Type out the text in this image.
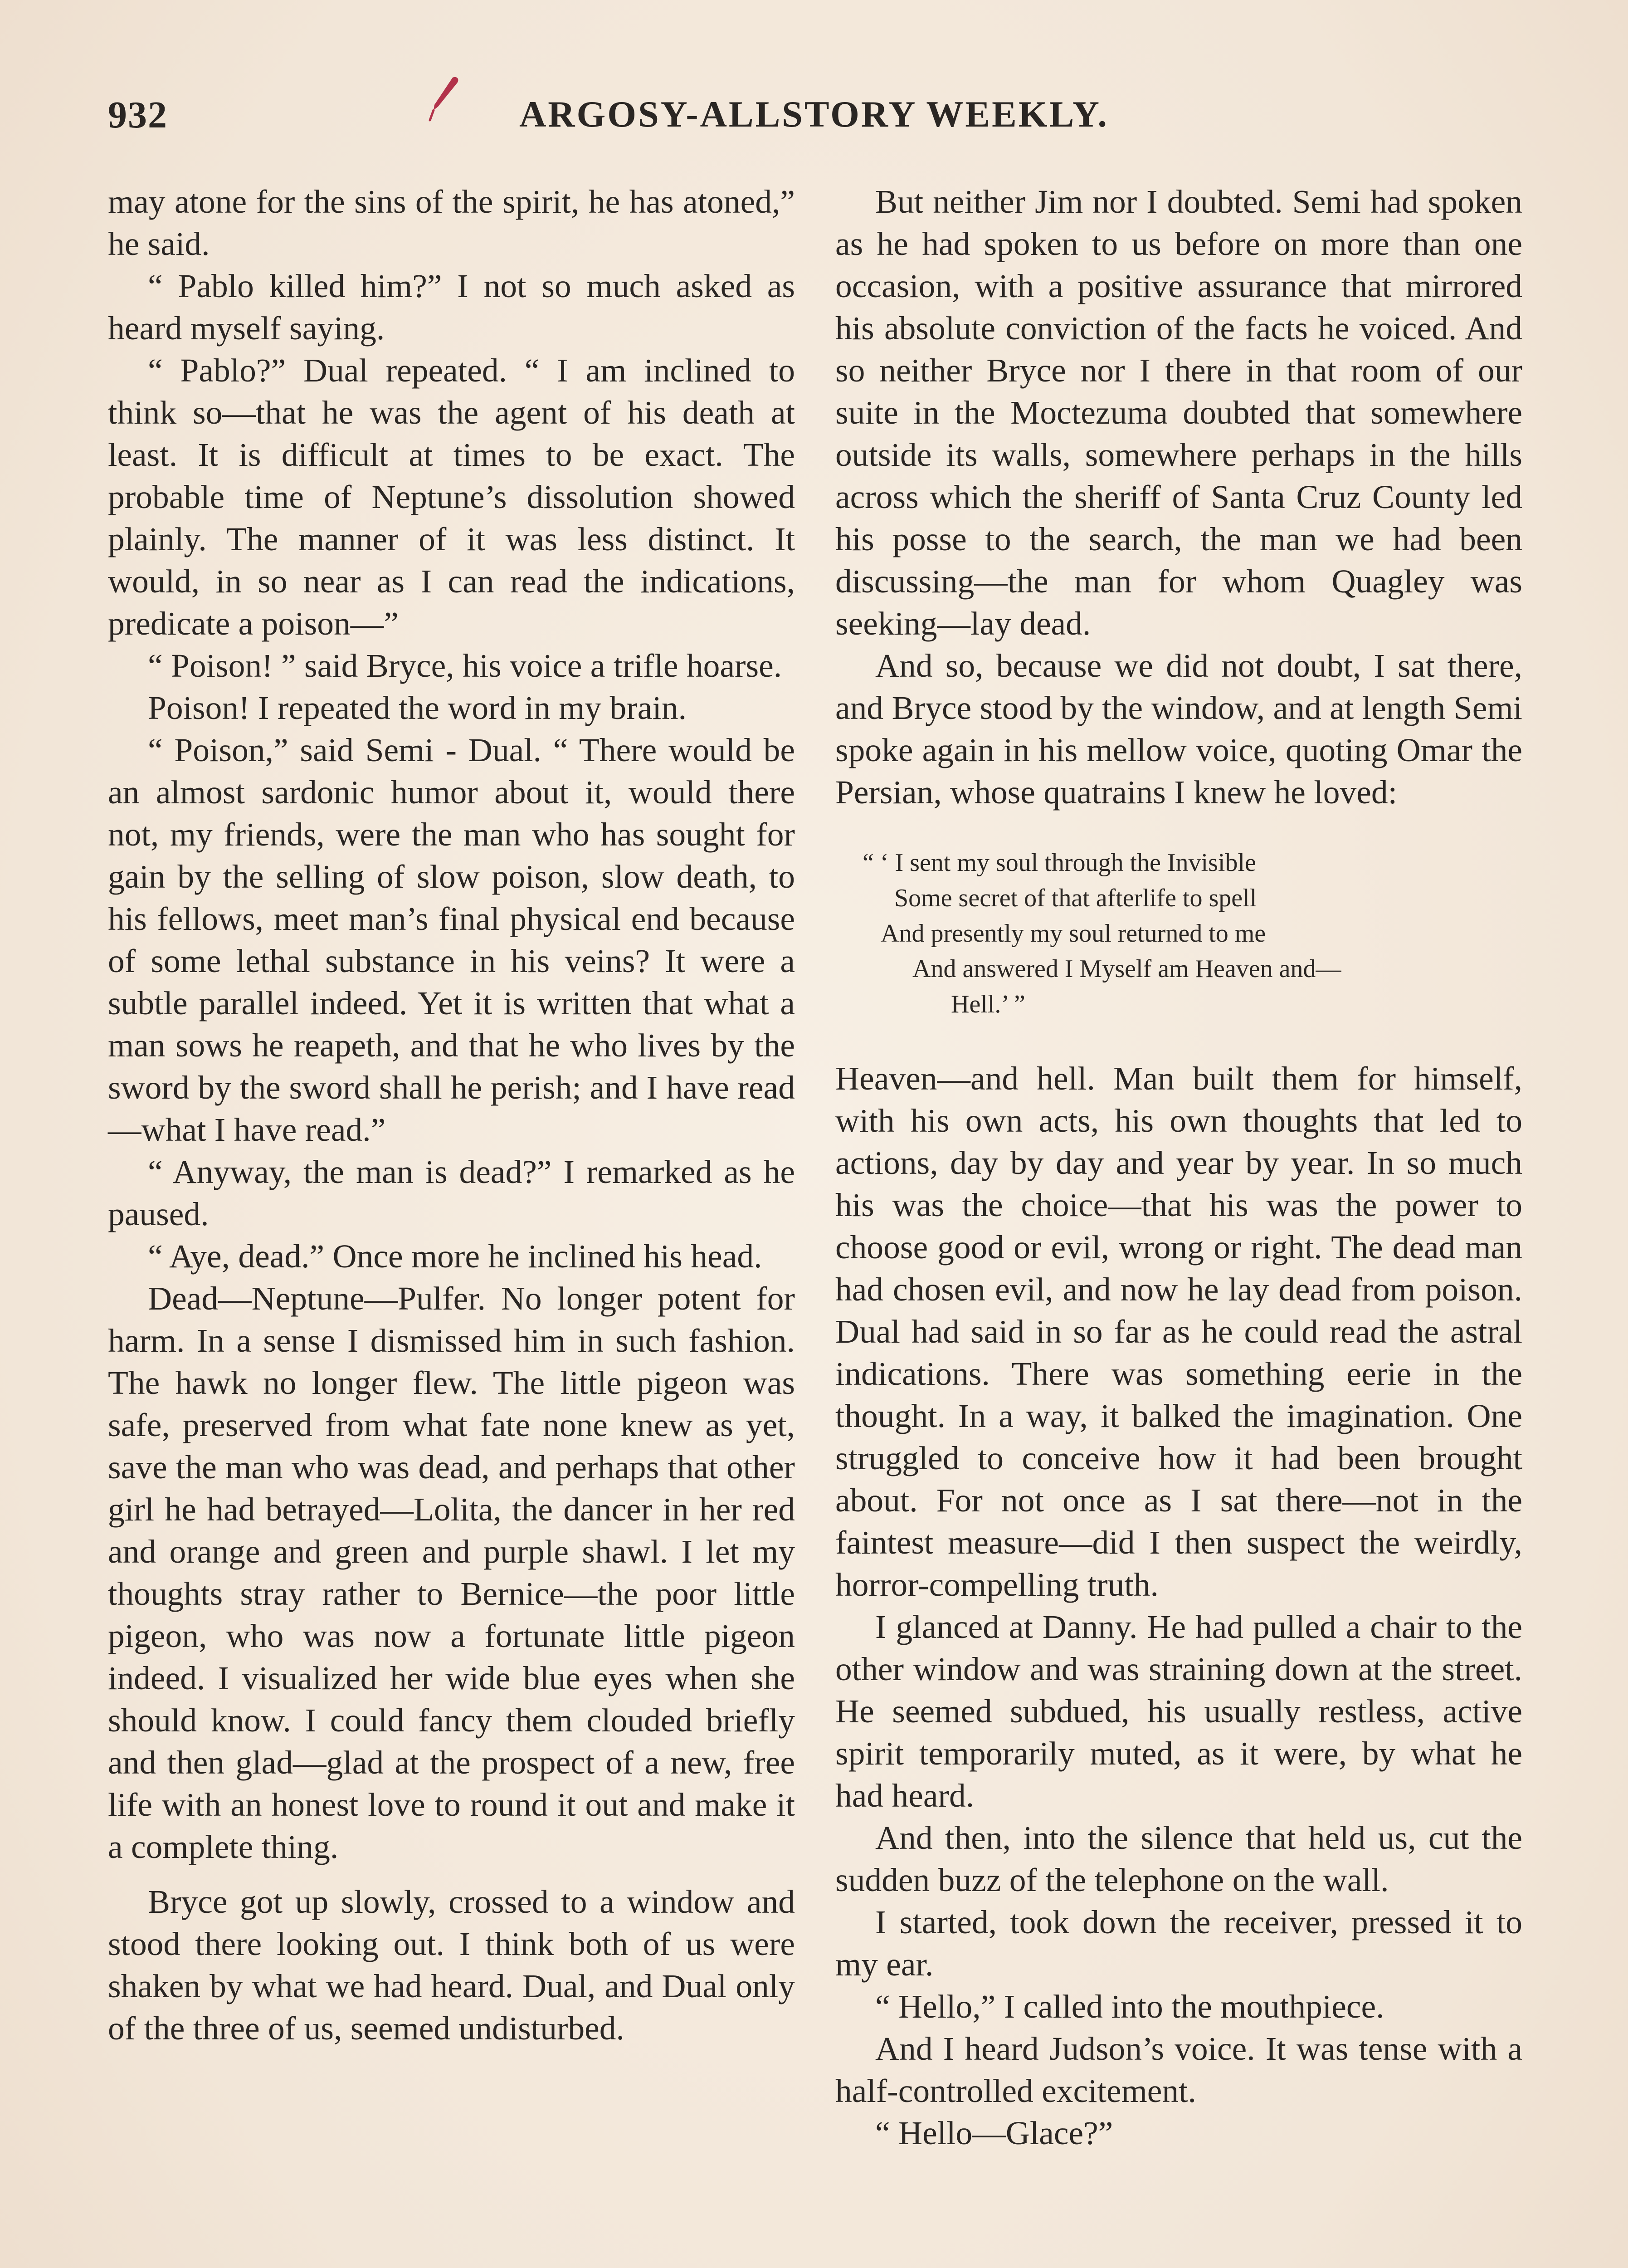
932	ARGOSY-ALLSTORY WEEKLY.

may atone for the sins of the spirit, he has atoned,” he said.

“ Pablo killed him?” I not so much asked as heard myself saying.

“ Pablo?” Dual repeated. “ I am inclined to think so—that he was the agent of his death at least. It is difficult at times to be exact. The probable time of Neptune’s dissolution showed plainly. The manner of it was less distinct. It would, in so near as I can read the indications, predicate a poison—”

“ Poison! ” said Bryce, his voice a trifle hoarse.

Poison! I repeated the word in my brain.

“ Poison,” said Semi - Dual. “ There would be an almost sardonic humor about it, would there not, my friends, were the man who has sought for gain by the selling of slow poison, slow death, to his fellows, meet man’s final physical end because of some lethal substance in his veins? It were a subtle parallel indeed. Yet it is written that what a man sows he reapeth, and that he who lives by the sword by the sword shall he perish; and I have read—what I have read.”

“ Anyway, the man is dead?” I remarked as he paused.

“ Aye, dead.” Once more he inclined his head.

Dead—Neptune—Pulfer. No longer potent for harm. In a sense I dismissed him in such fashion. The hawk no longer flew. The little pigeon was safe, preserved from what fate none knew as yet, save the man who was dead, and perhaps that other girl he had betrayed—Lolita, the dancer in her red and orange and green and purple shawl. I let my thoughts stray rather to Bernice—the poor little pigeon, who was now a fortunate little pigeon indeed. I visualized her wide blue eyes when she should know. I could fancy them clouded briefly and then glad—glad at the prospect of a new, free life with an honest love to round it out and make it a complete thing.

Bryce got up slowly, crossed to a window and stood there looking out. I think both of us were shaken by what we had heard. Dual, and Dual only of the three of us, seemed undisturbed.

But neither Jim nor I doubted. Semi had spoken as he had spoken to us before on more than one occasion, with a positive assurance that mirrored his absolute conviction of the facts he voiced. And so neither Bryce nor I there in that room of our suite in the Moctezuma doubted that somewhere outside its walls, somewhere perhaps in the hills across which the sheriff of Santa Cruz County led his posse to the search, the man we had been discussing—the man for whom Quagley was seeking—lay dead.

And so, because we did not doubt, I sat there, and Bryce stood by the window, and at length Semi spoke again in his mellow voice, quoting Omar the Persian, whose quatrains I knew he loved:

“ ‘ I sent my soul through the Invisible
Some secret of that afterlife to spell
And presently my soul returned to me
And answered I Myself am Heaven and—
Hell.’ ”

Heaven—and hell. Man built them for himself, with his own acts, his own thoughts that led to actions, day by day and year by year. In so much his was the choice—that his was the power to choose good or evil, wrong or right. The dead man had chosen evil, and now he lay dead from poison. Dual had said in so far as he could read the astral indications. There was something eerie in the thought. In a way, it balked the imagination. One struggled to conceive how it had been brought about. For not once as I sat there—not in the faintest measure—did I then suspect the weirdly, horror-compelling truth.

I glanced at Danny. He had pulled a chair to the other window and was straining down at the street. He seemed subdued, his usually restless, active spirit temporarily muted, as it were, by what he had heard.

And then, into the silence that held us, cut the sudden buzz of the telephone on the wall.

I started, took down the receiver, pressed it to my ear.

“ Hello,” I called into the mouthpiece.

And I heard Judson’s voice. It was tense with a half-controlled excitement.

“ Hello—Glace?”
